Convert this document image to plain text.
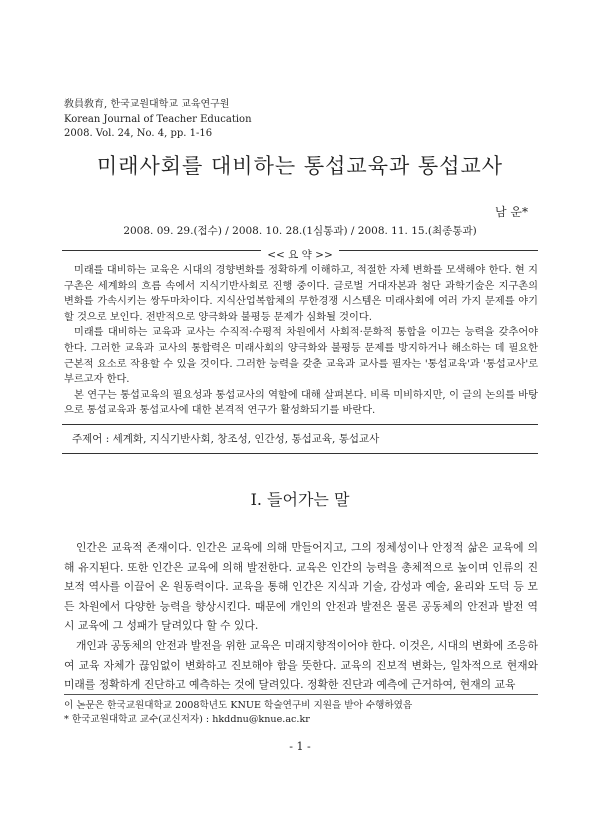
敎員敎育, 한국교원대학교 교육연구원
Korean Journal of Teacher Education
2008. Vol. 24, No. 4, pp. 1-16
미래사회를 대비하는 통섭교육과 통섭교사
남 운*
2008. 09. 29.(접수) / 2008. 10. 28.(1심통과) / 2008. 11. 15.(최종통과)
<< 요 약 >>

미래를 대비하는 교육은 시대의 경향변화를 정확하게 이해하고, 적절한 자체 변화를 모색해야 한다. 현 지구촌은 세계화의 흐름 속에서 지식기반사회로 진행 중이다. 글로벌 거대자본과 첨단 과학기술은 지구촌의 변화를 가속시키는 쌍두마차이다. 지식산업복합체의 무한경쟁 시스템은 미래사회에 여러 가지 문제를 야기할 것으로 보인다. 전반적으로 양극화와 불평등 문제가 심화될 것이다.

미래를 대비하는 교육과 교사는 수직적·수평적 차원에서 사회적·문화적 통합을 이끄는 능력을 갖추어야 한다. 그러한 교육과 교사의 통합력은 미래사회의 양극화와 불평등 문제를 방지하거나 해소하는 데 필요한 근본적 요소로 작용할 수 있을 것이다. 그러한 능력을 갖춘 교육과 교사를 필자는 '통섭교육'과 '통섭교사'로 부르고자 한다.

본 연구는 통섭교육의 필요성과 통섭교사의 역할에 대해 살펴본다. 비록 미비하지만, 이 글의 논의를 바탕으로 통섭교육과 통섭교사에 대한 본격적 연구가 활성화되기를 바란다.

주제어 : 세계화, 지식기반사회, 창조성, 인간성, 통섭교육, 통섭교사
I. 들어가는 말

인간은 교육적 존재이다. 인간은 교육에 의해 만들어지고, 그의 정체성이나 안정적 삶은 교육에 의해 유지된다. 또한 인간은 교육에 의해 발전한다. 교육은 인간의 능력을 총체적으로 높이며 인류의 진보적 역사를 이끌어 온 원동력이다. 교육을 통해 인간은 지식과 기술, 감성과 예술, 윤리와 도덕 등 모든 차원에서 다양한 능력을 향상시킨다. 때문에 개인의 안전과 발전은 물론 공동체의 안전과 발전 역시 교육에 그 성패가 달려있다 할 수 있다.

개인과 공동체의 안전과 발전을 위한 교육은 미래지향적이어야 한다. 이것은, 시대의 변화에 조응하여 교육 자체가 끊임없이 변화하고 진보해야 함을 뜻한다. 교육의 진보적 변화는, 일차적으로 현재와 미래를 정확하게 진단하고 예측하는 것에 달려있다. 정확한 진단과 예측에 근거하여, 현재의 교육

이 논문은 한국교원대학교 2008학년도 KNUE 학술연구비 지원을 받아 수행하였음
* 한국교원대학교 교수(교신저자) : hkddnu@knue.ac.kr
- 1 -
